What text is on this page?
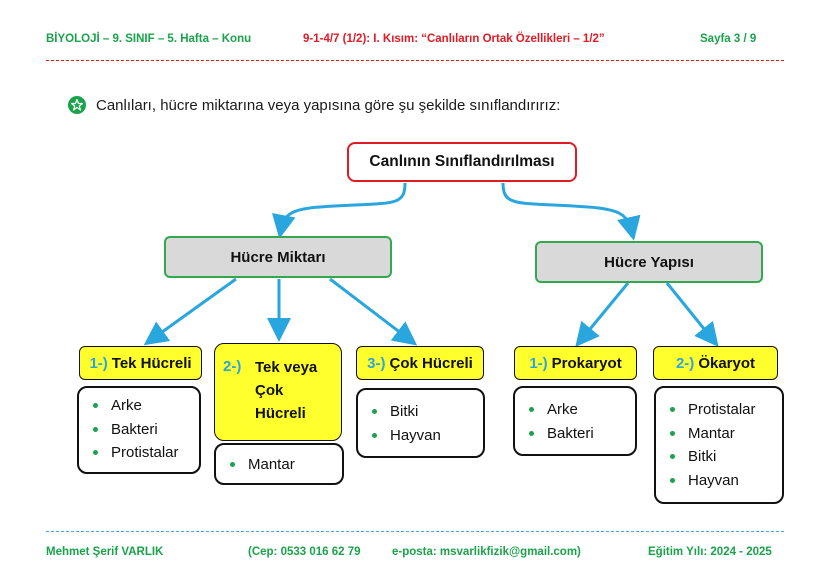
BİYOLOJİ – 9. SINIF – 5. Hafta – Konu	9-1-4/7 (1/2): I. Kısım: “Canlıların Ortak Özellikleri – 1/2”	Sayfa 3 / 9
Canlıları, hücre miktarına veya yapısına göre şu şekilde sınıflandırırız:
Canlının Sınıflandırılması
Hücre Miktarı	Hücre Yapısı
1-) Tek Hücreli
Arke
Bakteri
Protistalar
2-) Tek veya
Çok
Hücreli
Mantar
3-) Çok Hücreli
Bitki
Hayvan
1-) Prokaryot
Arke
Bakteri
2-) Ökaryot
Protistalar
Mantar
Bitki
Hayvan
Mehmet Şerif VARLIK	(Cep: 0533 016 62 79	e-posta: msvarlikfizik@gmail.com)	Eğitim Yılı: 2024 - 2025
